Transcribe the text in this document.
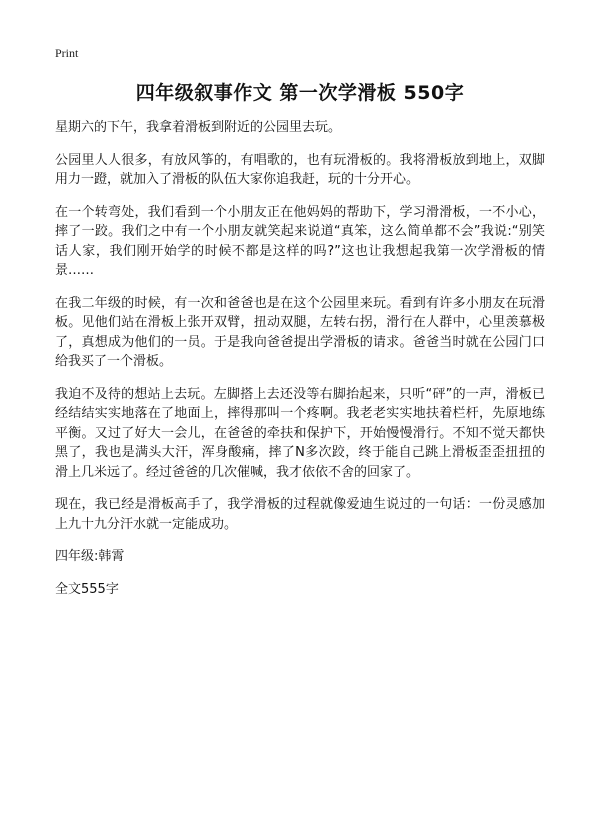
Print
四年级叙事作文 第一次学滑板 550字

星期六的下午，我拿着滑板到附近的公园里去玩。

公园里人人很多，有放风筝的，有唱歌的，也有玩滑板的。我将滑板放到地上，双脚用力一蹬，就加入了滑板的队伍大家你追我赶，玩的十分开心。

在一个转弯处，我们看到一个小朋友正在他妈妈的帮助下，学习滑滑板，一不小心，摔了一跤。我们之中有一个小朋友就笑起来说道“真笨，这么简单都不会”我说:“别笑话人家，我们刚开始学的时候不都是这样的吗?”这也让我想起我第一次学滑板的情景……

在我二年级的时候，有一次和爸爸也是在这个公园里来玩。看到有许多小朋友在玩滑板。见他们站在滑板上张开双臂，扭动双腿，左转右拐，滑行在人群中，心里羡慕极了，真想成为他们的一员。于是我向爸爸提出学滑板的请求。爸爸当时就在公园门口给我买了一个滑板。

我迫不及待的想站上去玩。左脚搭上去还没等右脚抬起来，只听“砰”的一声，滑板已经结结实实地落在了地面上，摔得那叫一个疼啊。我老老实实地扶着栏杆，先原地练平衡。又过了好大一会儿，在爸爸的牵扶和保护下，开始慢慢滑行。不知不觉天都快黑了，我也是满头大汗，浑身酸痛，摔了N多次跤，终于能自己跳上滑板歪歪扭扭的滑上几米远了。经过爸爸的几次催喊，我才依依不舍的回家了。

现在，我已经是滑板高手了，我学滑板的过程就像爱迪生说过的一句话：一份灵感加上九十九分汗水就一定能成功。

四年级:韩霄

全文555字
